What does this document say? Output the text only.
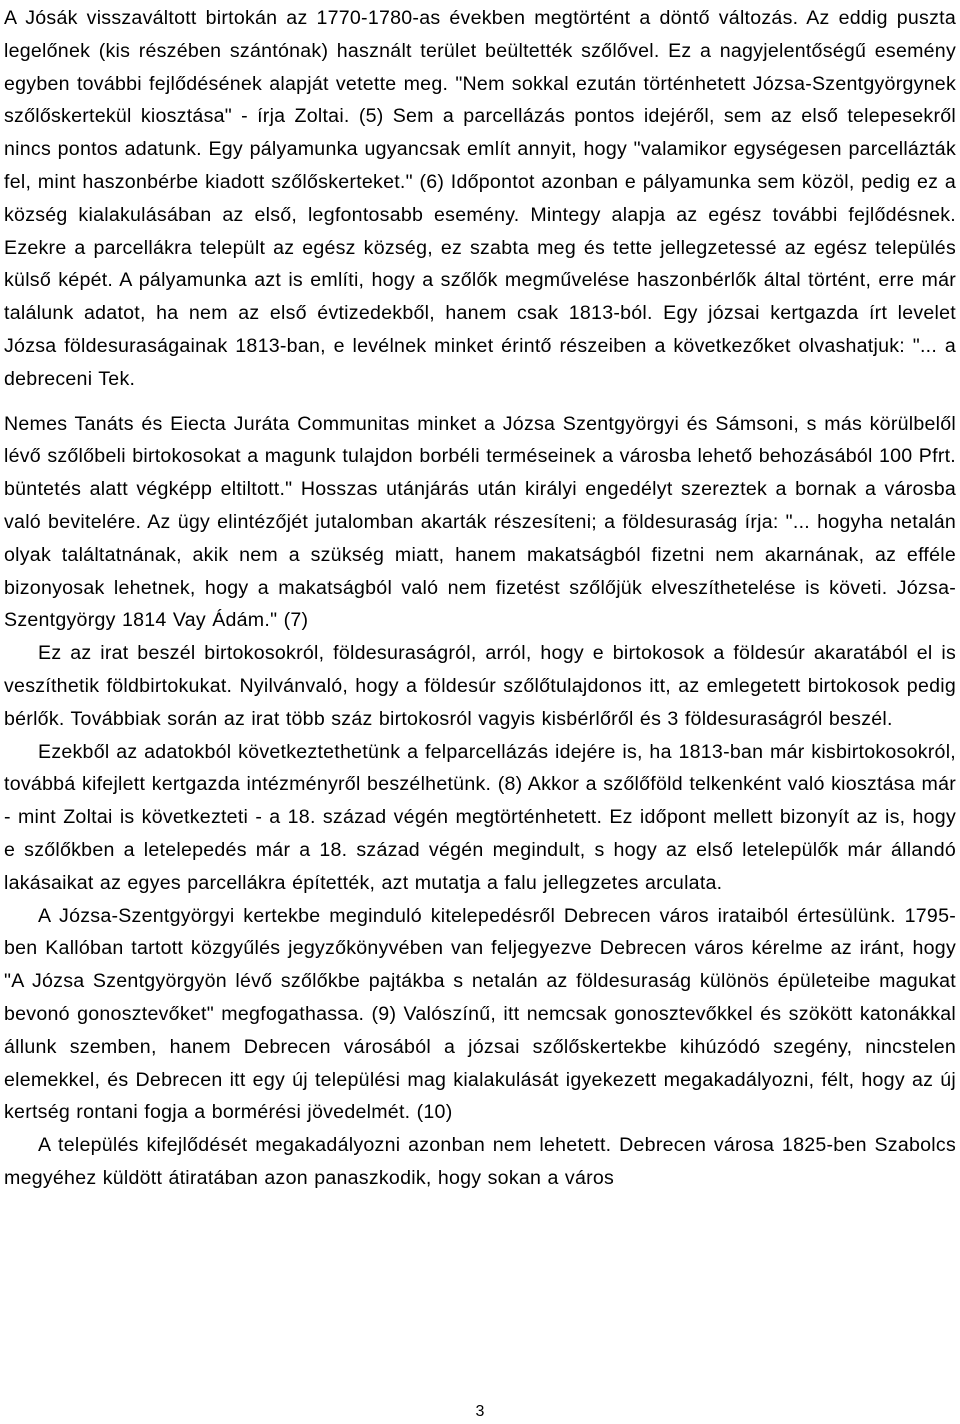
A Jósák visszaváltott birtokán az 1770-1780-as években megtörtént a döntő változás. Az eddig puszta legelőnek (kis részében szántónak) használt terület beültették szőlővel. Ez a nagyjelentőségű esemény egyben további fejlődésének alapját vetette meg. "Nem sokkal ezután történhetett Józsa-Szentgyörgynek szőlőskertekül kiosztása" - írja Zoltai. (5) Sem a parcellázás pontos idejéről, sem az első telepesekről nincs pontos adatunk. Egy pályamunka ugyancsak említ annyit, hogy "valamikor egységesen parcellázták fel, mint haszonbérbe kiadott szőlőskerteket." (6) Időpontot azonban e pályamunka sem közöl, pedig ez a község kialakulásában az első, legfontosabb esemény. Mintegy alapja az egész további fejlődésnek. Ezekre a parcellákra települt az egész község, ez szabta meg és tette jellegzetessé az egész település külső képét. A pályamunka azt is említi, hogy a szőlők megművelése haszonbérlők által történt, erre már találunk adatot, ha nem az első évtizedekből, hanem csak 1813-ból. Egy józsai kertgazda írt levelet Józsa földesuraságainak 1813-ban, e levélnek minket érintő részeiben a következőket olvashatjuk: "... a debreceni Tek.

Nemes Tanáts és Eiecta Juráta Communitas minket a Józsa Szentgyörgyi és Sámsoni, s más körülbelől lévő szőlőbeli birtokosokat a magunk tulajdon borbéli terméseinek a városba lehető behozásából 100 Pfrt. büntetés alatt végképp eltiltott." Hosszas utánjárás után királyi engedélyt szereztek a bornak a városba való bevitelére. Az ügy elintézőjét jutalomban akarták részesíteni; a földesuraság írja: "... hogyha netalán olyak találtatnának, akik nem a szükség miatt, hanem makatságból fizetni nem akarnának, az efféle bizonyosak lehetnek, hogy a makatságból való nem fizetést szőlőjük elveszíthetelése is követi. Józsa-Szentgyörgy 1814 Vay Ádám." (7)

Ez az irat beszél birtokosokról, földesuraságról, arról, hogy e birtokosok a földesúr akaratából el is veszíthetik földbirtokukat. Nyilvánvaló, hogy a földesúr szőlőtulajdonos itt, az emlegetett birtokosok pedig bérlők. Továbbiak során az irat több száz birtokosról vagyis kisbérlőről és 3 földesuraságról beszél.

Ezekből az adatokból következtethetünk a felparcellázás idejére is, ha 1813-ban már kisbirtokosokról, továbbá kifejlett kertgazda intézményről beszélhetünk. (8) Akkor a szőlőföld telkenként való kiosztása már - mint Zoltai is következteti - a 18. század végén megtörténhetett. Ez időpont mellett bizonyít az is, hogy e szőlőkben a letelepedés már a 18. század végén megindult, s hogy az első letelepülők már állandó lakásaikat az egyes parcellákra építették, azt mutatja a falu jellegzetes arculata.

A Józsa-Szentgyörgyi kertekbe meginduló kitelepedésről Debrecen város irataiból értesülünk. 1795-ben Kallóban tartott közgyűlés jegyzőkönyvében van feljegyezve Debrecen város kérelme az iránt, hogy "A Józsa Szentgyörgyön lévő szőlőkbe pajtákba s netalán az földesuraság különös épületeibe magukat bevonó gonosztevőket" megfogathassa. (9) Valószínű, itt nemcsak gonosztevőkkel és szökött katonákkal állunk szemben, hanem Debrecen városából a józsai szőlőskertekbe kihúzódó szegény, nincstelen elemekkel, és Debrecen itt egy új települési mag kialakulását igyekezett megakadályozni, félt, hogy az új kertség rontani fogja a bormérési jövedelmét. (10)

A település kifejlődését megakadályozni azonban nem lehetett. Debrecen városa 1825-ben Szabolcs megyéhez küldött átiratában azon panaszkodik, hogy sokan a város

3
